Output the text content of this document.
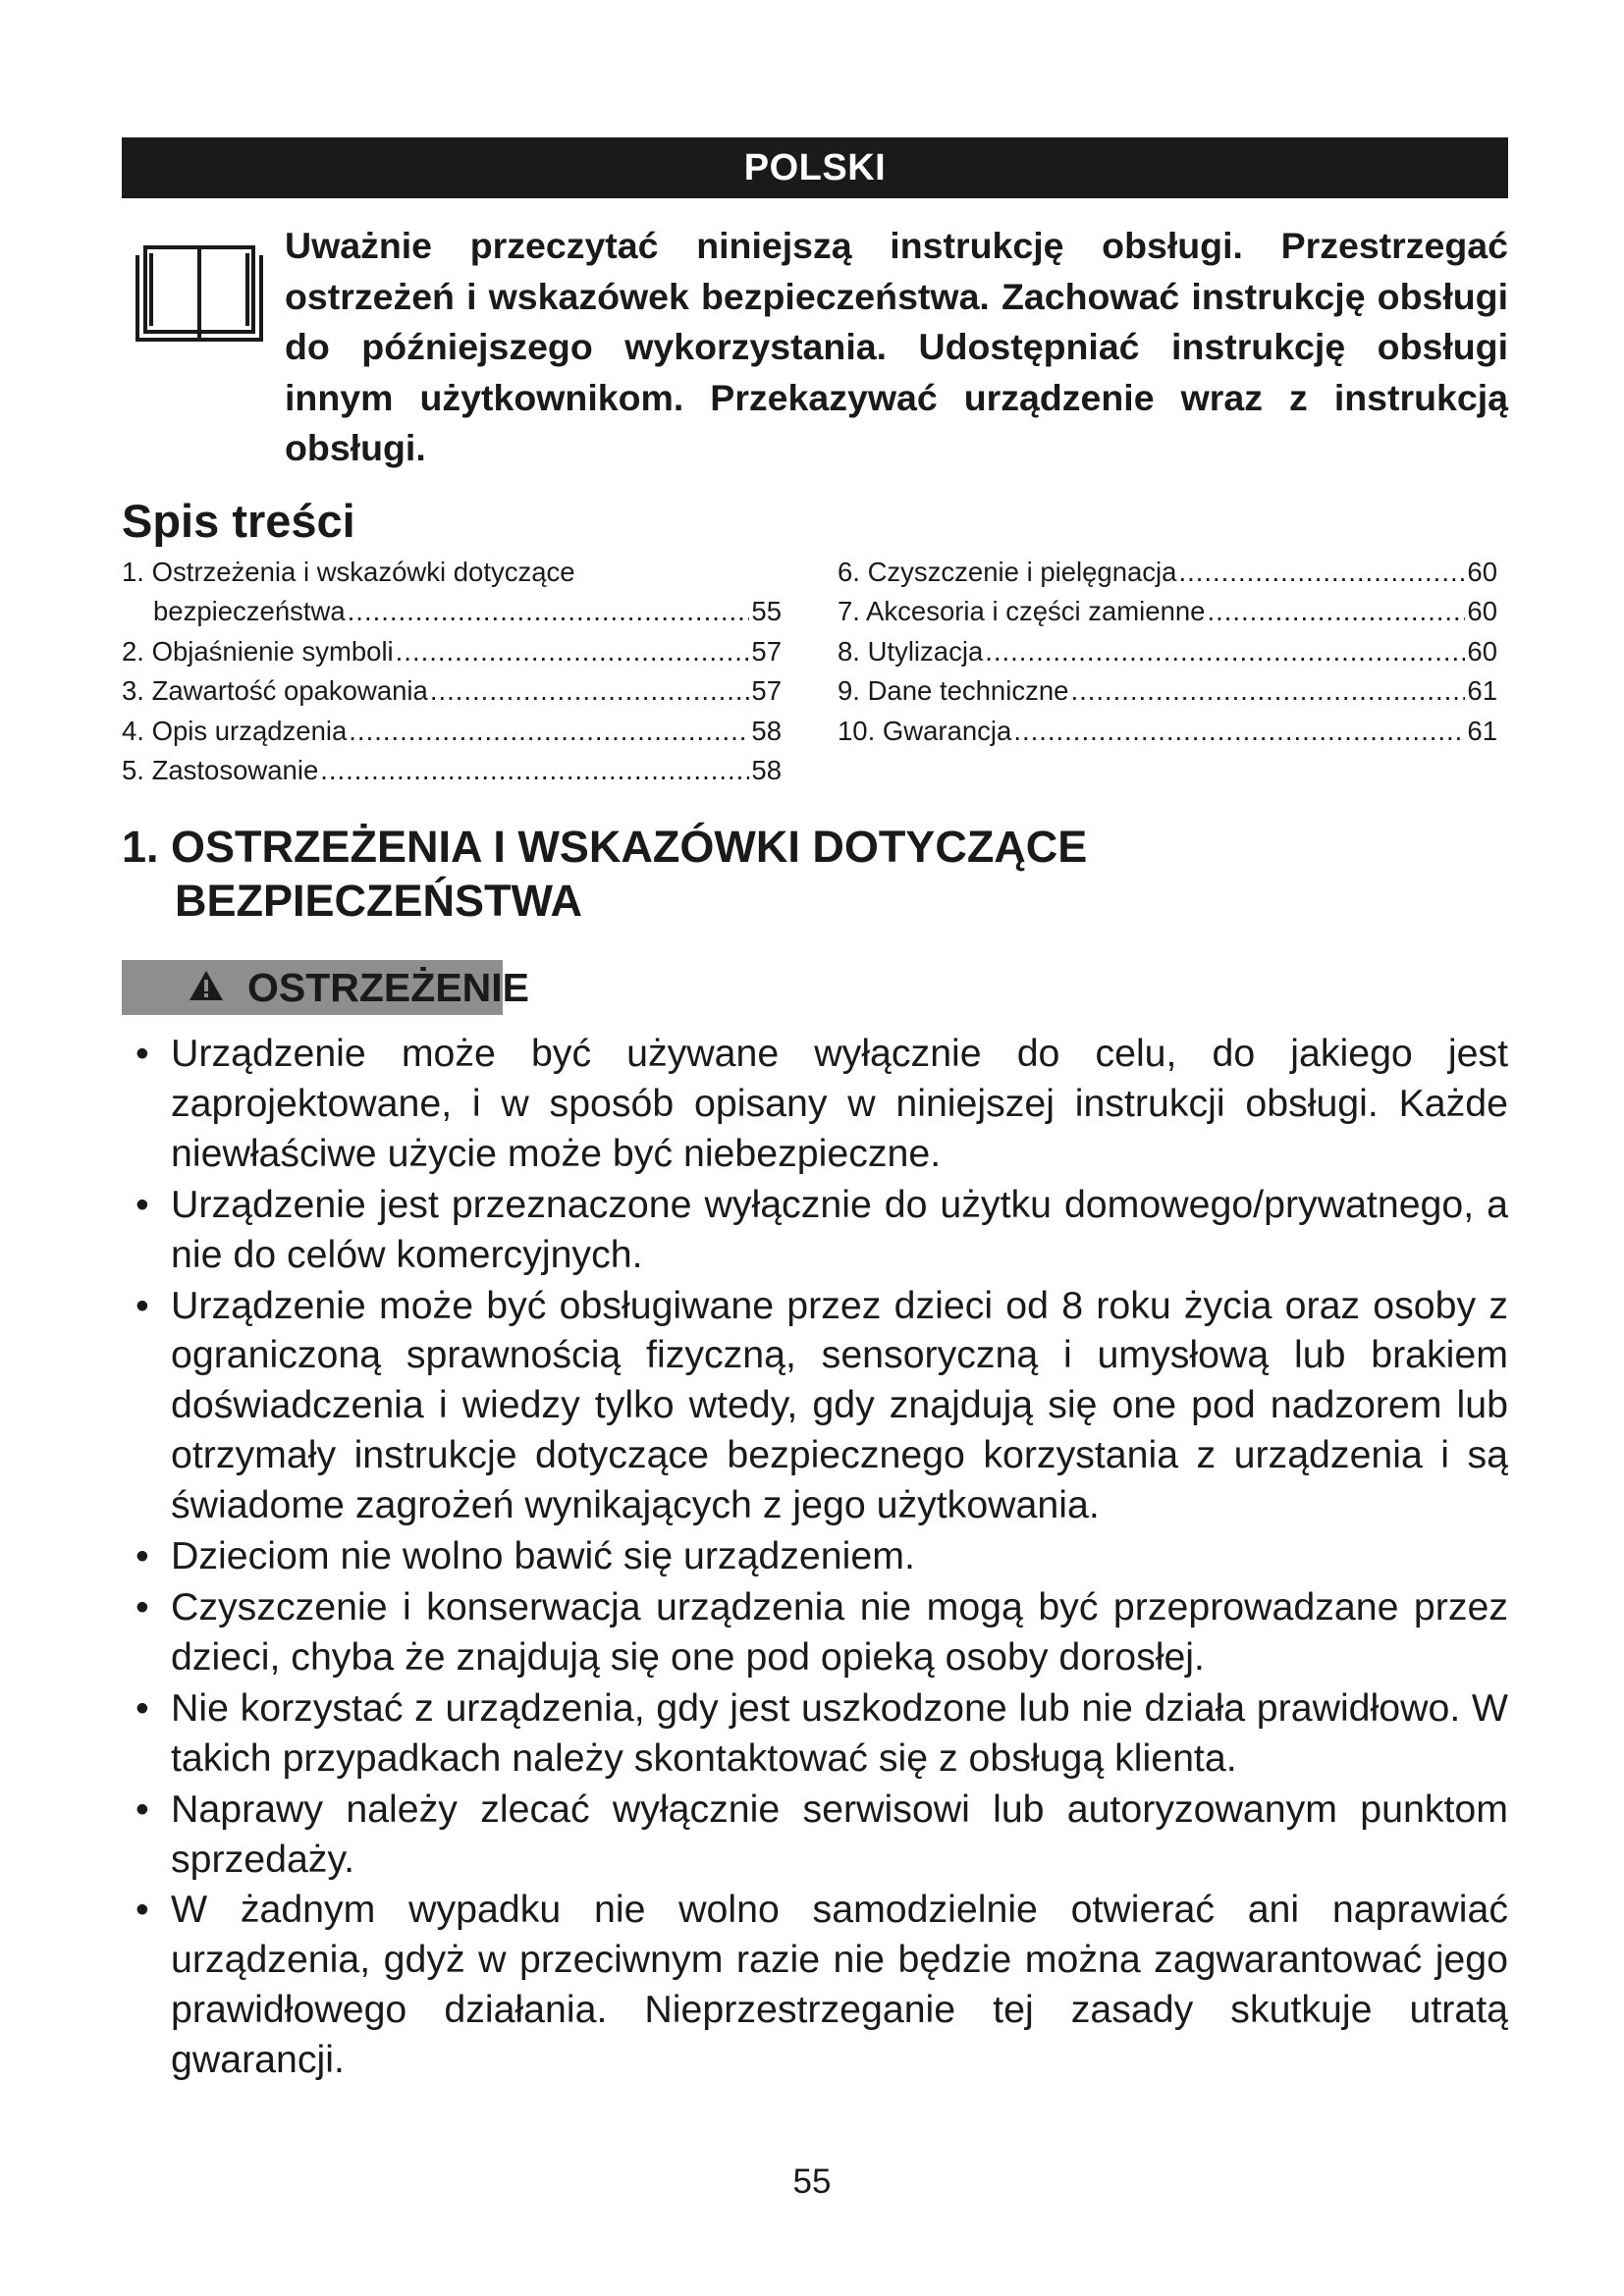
POLSKI
Uważnie przeczytać niniejszą instrukcję obsługi. Przestrzegać ostrzeżeń i wskazówek bezpieczeństwa. Zachować instrukcję obsługi do późniejszego wykorzystania. Udostępniać instrukcję obsługi innym użytkownikom. Przekazywać urządzenie wraz z instrukcją obsługi.
Spis treści
1. Ostrzeżenia i wskazówki dotyczące
bezpieczeństwa .....	55
2. Objaśnienie symboli .....	57
3. Zawartość opakowania .....	57
4. Opis urządzenia .....	58
5. Zastosowanie .....	58
6. Czyszczenie i pielęgnacja .....	60
7. Akcesoria i części zamienne .....	60
8. Utylizacja .....	60
9. Dane techniczne .....	61
10. Gwarancja .....	61
1. OSTRZEŻENIA I WSKAZÓWKI DOTYCZĄCE
BEZPIECZEŃSTWA
OSTRZEŻENIE
• Urządzenie może być używane wyłącznie do celu, do jakiego jest zaprojektowane, i w sposób opisany w niniejszej instrukcji obsługi. Każde niewłaściwe użycie może być niebezpieczne.
• Urządzenie jest przeznaczone wyłącznie do użytku domowego/prywatnego, a nie do celów komercyjnych.
• Urządzenie może być obsługiwane przez dzieci od 8 roku życia oraz osoby z ograniczoną sprawnością fizyczną, sensoryczną i umysłową lub brakiem doświadczenia i wiedzy tylko wtedy, gdy znajdują się one pod nadzorem lub otrzymały instrukcje dotyczące bezpiecznego korzystania z urządzenia i są świadome zagrożeń wynikających z jego użytkowania.
• Dzieciom nie wolno bawić się urządzeniem.
• Czyszczenie i konserwacja urządzenia nie mogą być przeprowadzane przez dzieci, chyba że znajdują się one pod opieką osoby dorosłej.
• Nie korzystać z urządzenia, gdy jest uszkodzone lub nie działa prawidłowo. W takich przypadkach należy skontaktować się z obsługą klienta.
• Naprawy należy zlecać wyłącznie serwisowi lub autoryzowanym punktom sprzedaży.
• W żadnym wypadku nie wolno samodzielnie otwierać ani naprawiać urządzenia, gdyż w przeciwnym razie nie będzie można zagwarantować jego prawidłowego działania. Nieprzestrzeganie tej zasady skutkuje utratą gwarancji.
55
